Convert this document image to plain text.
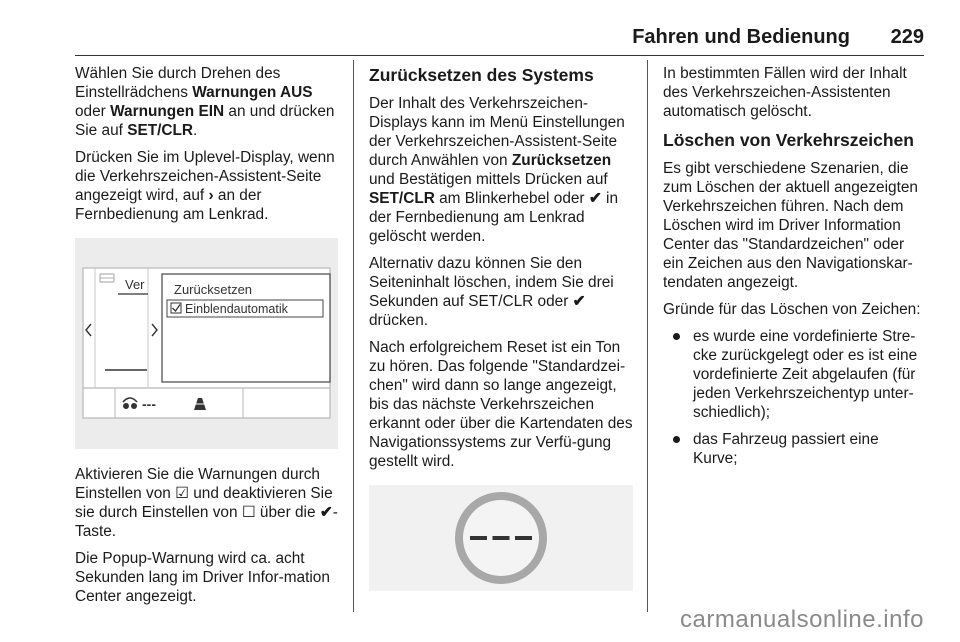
Fahren und Bedienung 229

Wählen Sie durch Drehen des Einstellrädchens Warnungen AUS oder Warnungen EIN an und drücken Sie auf SET/CLR.

Drücken Sie im Uplevel-Display, wenn die Verkehrszeichen-Assistent-Seite angezeigt wird, auf › an der Fernbedienung am Lenkrad.

Ver Zurücksetzen
Einblendautomatik
---

Aktivieren Sie die Warnungen durch Einstellen von ☑ und deaktivieren Sie sie durch Einstellen von ☐ über die ✔-Taste.

Die Popup-Warnung wird ca. acht Sekunden lang im Driver Infor-mation Center angezeigt.

Zurücksetzen des Systems

Der Inhalt des Verkehrszeichen-Displays kann im Menü Einstellungen der Verkehrszeichen-Assistent-Seite durch Anwählen von Zurücksetzen und Bestätigen mittels Drücken auf SET/CLR am Blinkerhebel oder ✔ in der Fernbedienung am Lenkrad gelöscht werden.

Alternativ dazu können Sie den Seiteninhalt löschen, indem Sie drei Sekunden auf SET/CLR oder ✔ drücken.

Nach erfolgreichem Reset ist ein Ton zu hören. Das folgende "Standardzei-chen" wird dann so lange angezeigt, bis das nächste Verkehrszeichen erkannt oder über die Kartendaten des Navigationssystems zur Verfü-gung gestellt wird.

In bestimmten Fällen wird der Inhalt des Verkehrszeichen-Assistenten automatisch gelöscht.

Löschen von Verkehrszeichen

Es gibt verschiedene Szenarien, die zum Löschen der aktuell angezeigten Verkehrszeichen führen. Nach dem Löschen wird im Driver Information Center das "Standardzeichen" oder ein Zeichen aus den Navigationskar-tendaten angezeigt.

Gründe für das Löschen von Zeichen:

es wurde eine vordefinierte Stre-cke zurückgelegt oder es ist eine vordefinierte Zeit abgelaufen (für jeden Verkehrszeichentyp unter-schiedlich);
das Fahrzeug passiert eine Kurve;
carmanualsonline.info
